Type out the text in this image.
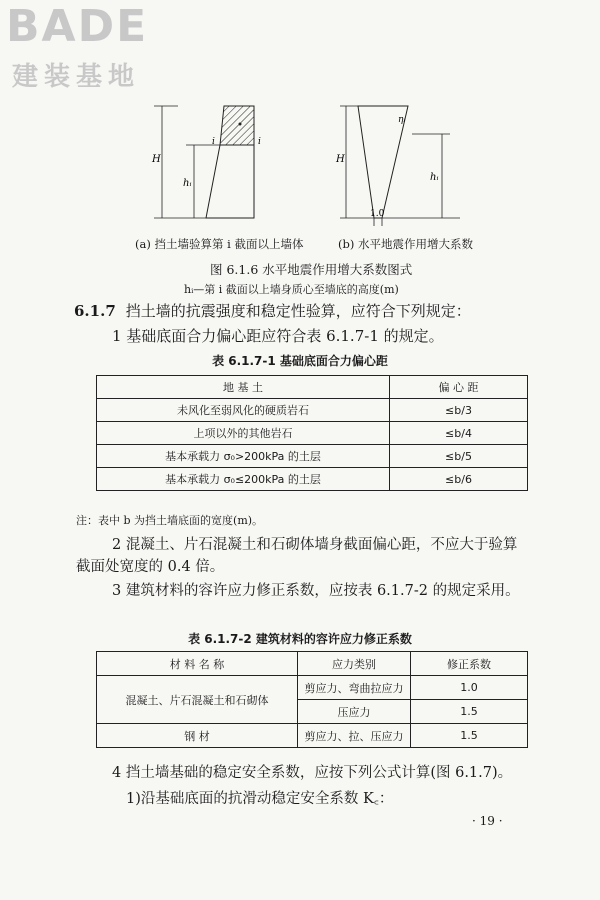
BADE
建装基地
H
hᵢ
i	i
ηᵢ
H
hᵢ
1.0
(a) 挡土墙验算第 i 截面以上墙体	(b) 水平地震作用增大系数
图 6.1.6 水平地震作用增大系数图式
hᵢ—第 i 截面以上墙身质心至墙底的高度(m)
6.1.7 挡土墙的抗震强度和稳定性验算，应符合下列规定：
1 基础底面合力偏心距应符合表 6.1.7-1 的规定。
表 6.1.7-1 基础底面合力偏心距
地 基 土	偏 心 距
未风化至弱风化的硬质岩石	≤b/3
上项以外的其他岩石	≤b/4
基本承载力 σ₀>200kPa 的土层	≤b/5
基本承载力 σ₀≤200kPa 的土层	≤b/6
注：表中 b 为挡土墙底面的宽度(m)。
2 混凝土、片石混凝土和石砌体墙身截面偏心距，不应大于验算截面处宽度的 0.4 倍。
3 建筑材料的容许应力修正系数，应按表 6.1.7-2 的规定采用。
表 6.1.7-2 建筑材料的容许应力修正系数
材 料 名 称	应力类别	修正系数
混凝土、片石混凝土和石砌体	剪应力、弯曲拉应力	1.0
	压应力	1.5
钢 材	剪应力、拉、压应力	1.5
4 挡土墙基础的稳定安全系数，应按下列公式计算(图 6.1.7)。
1)沿基础底面的抗滑动稳定安全系数 K꜀：
· 19 ·
